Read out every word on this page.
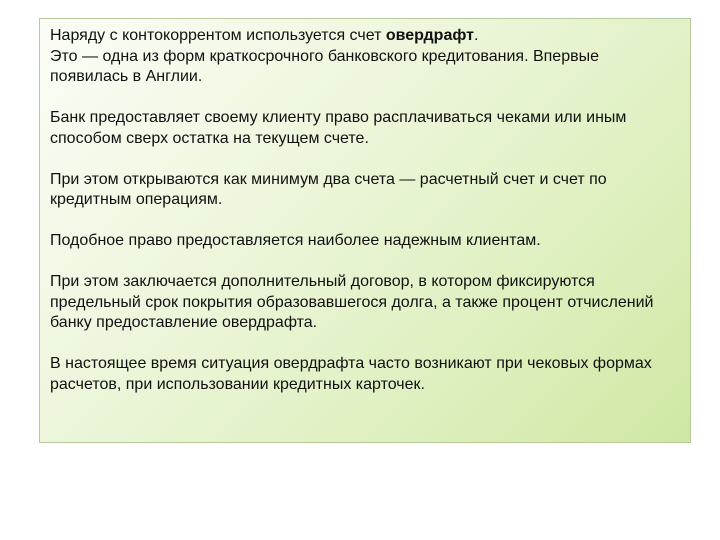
Наряду с контокоррентом используется счет овердрафт.
Это — одна из форм краткосрочного банковского кредитования. Впервые появилась в Англии.

Банк предоставляет своему клиенту право расплачиваться чеками или иным способом сверх остатка на текущем счете.

При этом открываются как минимум два счета — расчетный счет и счет по кредитным операциям.

Подобное право предоставляется наиболее надежным клиентам.

При этом заключается дополнительный договор, в котором фиксируются предельный срок покрытия образовавшегося долга, а также процент отчислений банку предоставление овердрафта.

В настоящее время ситуация овердрафта часто возникают при чековых формах расчетов, при использовании кредитных карточек.
